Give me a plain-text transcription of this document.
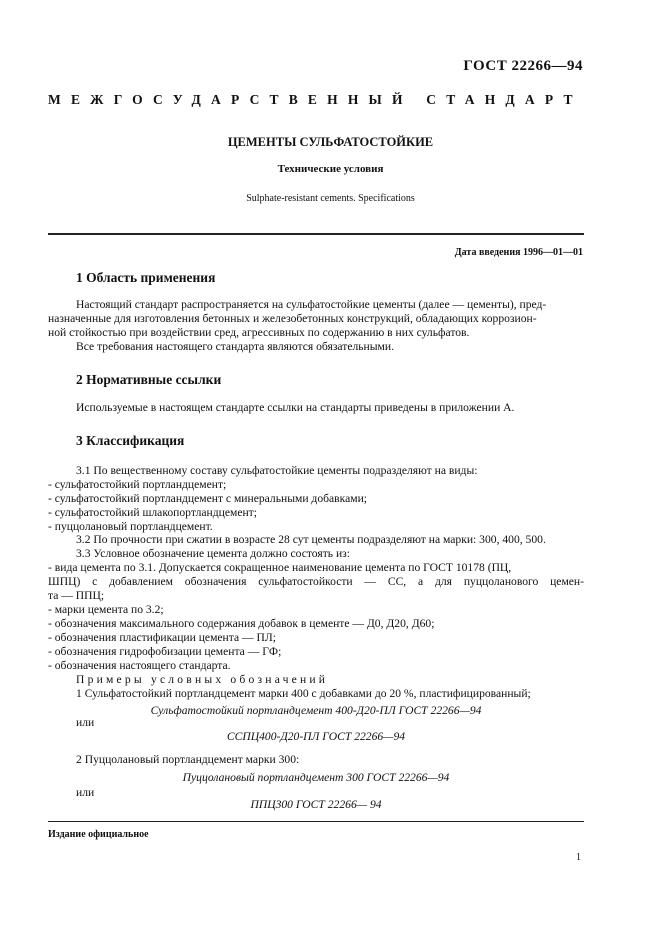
ГОСТ 22266—94
МЕЖГОСУДАРСТВЕННЫЙ СТАНДАРТ
ЦЕМЕНТЫ СУЛЬФАТОСТОЙКИЕ
Технические условия
Sulphate-resistant cements. Specifications
Дата введения 1996—01—01
1 Область применения
Настоящий стандарт распространяется на сульфатостойкие цементы (далее — цементы), пред-
назначенные для изготовления бетонных и железобетонных конструкций, обладающих коррозион-
ной стойкостью при воздействии сред, агрессивных по содержанию в них сульфатов.
Все требования настоящего стандарта являются обязательными.
2 Нормативные ссылки
Используемые в настоящем стандарте ссылки на стандарты приведены в приложении А.
3 Классификация
3.1 По вещественному составу сульфатостойкие цементы подразделяют на виды:
- сульфатостойкий портландцемент;
- сульфатостойкий портландцемент с минеральными добавками;
- сульфатостойкий шлакопортландцемент;
- пуццолановый портландцемент.
3.2 По прочности при сжатии в возрасте 28 сут цементы подразделяют на марки: 300, 400, 500.
3.3 Условное обозначение цемента должно состоять из:
- вида цемента по 3.1. Допускается сокращенное наименование цемента по ГОСТ 10178 (ПЦ,
ШПЦ) с добавлением обозначения сульфатостойкости — СС, а для пуццоланового цемен-
та — ППЦ;
- марки цемента по 3.2;
- обозначения максимального содержания добавок в цементе — Д0, Д20, Д60;
- обозначения пластификации цемента — ПЛ;
- обозначения гидрофобизации цемента — ГФ;
- обозначения настоящего стандарта.
Примеры условных обозначений
1 Сульфатостойкий портландцемент марки 400 с добавками до 20 %, пластифицированный;
Сульфатостойкий портландцемент 400-Д20-ПЛ ГОСТ 22266—94
или
ССПЦ400-Д20-ПЛ ГОСТ 22266—94
2 Пуццолановый портландцемент марки 300:
Пуццолановый портландцемент 300 ГОСТ 22266—94
или
ППЦ300 ГОСТ 22266— 94
Издание официальное
1
